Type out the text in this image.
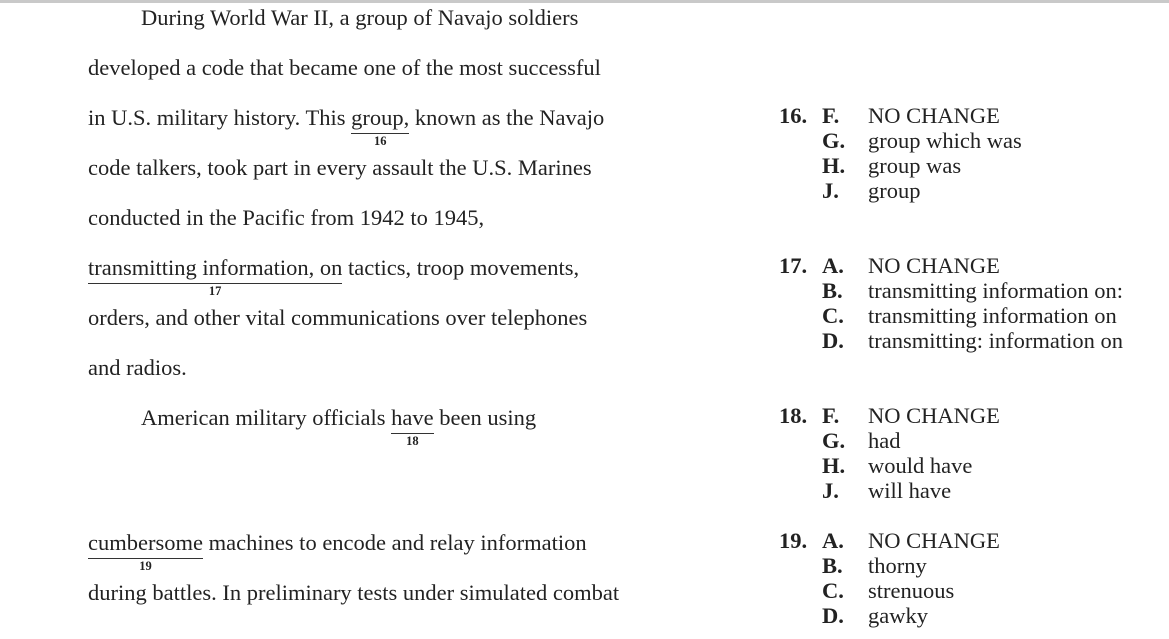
During World War II, a group of Navajo soldiers
developed a code that became one of the most successful
in U.S. military history. This group,
16
known as the Navajo
code talkers, took part in every assault the U.S. Marines
conducted in the Pacific from 1942 to 1945,
transmitting information, on
17
tactics, troop movements,
orders, and other vital communications over telephones
and radios.
American military officials have
18
been using
cumbersome
19
machines to encode and relay information
during battles. In preliminary tests under simulated combat
16. F. NO CHANGE
G. group which was
H. group was
J. group
17. A. NO CHANGE
B. transmitting information on:
C. transmitting information on
D. transmitting: information on
18. F. NO CHANGE
G. had
H. would have
J. will have
19. A. NO CHANGE
B. thorny
C. strenuous
D. gawky
